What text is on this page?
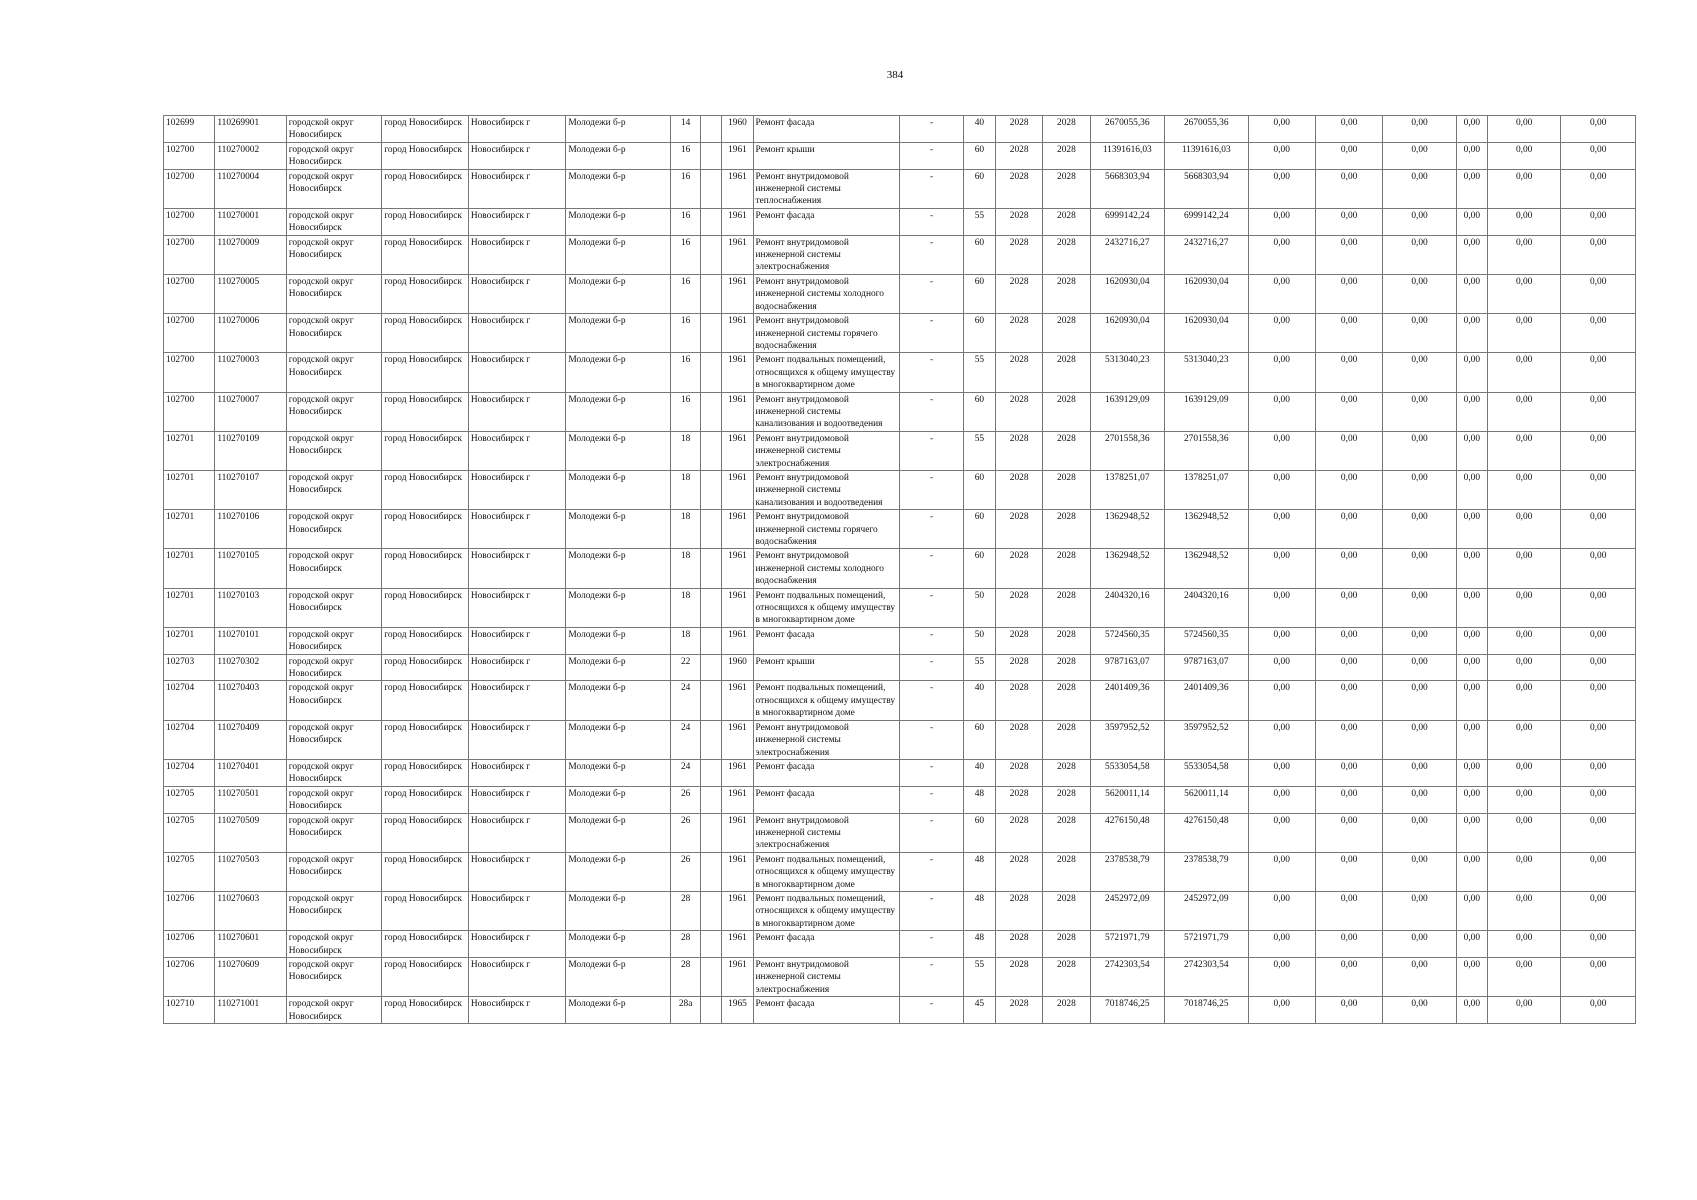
384
102699	110269901	городской округ Новосибирск	город Новосибирск	Новосибирск г	Молодежи б-р	14		1960	Ремонт фасада	-	40	2028	2028	2670055,36	2670055,36	0,00	0,00	0,00	0,00	0,00	0,00
102700	110270002	городской округ Новосибирск	город Новосибирск	Новосибирск г	Молодежи б-р	16		1961	Ремонт крыши	-	60	2028	2028	11391616,03	11391616,03	0,00	0,00	0,00	0,00	0,00	0,00
102700	110270004	городской округ Новосибирск	город Новосибирск	Новосибирск г	Молодежи б-р	16		1961	Ремонт внутридомовой инженерной системы теплоснабжения	-	60	2028	2028	5668303,94	5668303,94	0,00	0,00	0,00	0,00	0,00	0,00
102700	110270001	городской округ Новосибирск	город Новосибирск	Новосибирск г	Молодежи б-р	16		1961	Ремонт фасада	-	55	2028	2028	6999142,24	6999142,24	0,00	0,00	0,00	0,00	0,00	0,00
102700	110270009	городской округ Новосибирск	город Новосибирск	Новосибирск г	Молодежи б-р	16		1961	Ремонт внутридомовой инженерной системы электроснабжения	-	60	2028	2028	2432716,27	2432716,27	0,00	0,00	0,00	0,00	0,00	0,00
102700	110270005	городской округ Новосибирск	город Новосибирск	Новосибирск г	Молодежи б-р	16		1961	Ремонт внутридомовой инженерной системы холодного водоснабжения	-	60	2028	2028	1620930,04	1620930,04	0,00	0,00	0,00	0,00	0,00	0,00
102700	110270006	городской округ Новосибирск	город Новосибирск	Новосибирск г	Молодежи б-р	16		1961	Ремонт внутридомовой инженерной системы горячего водоснабжения	-	60	2028	2028	1620930,04	1620930,04	0,00	0,00	0,00	0,00	0,00	0,00
102700	110270003	городской округ Новосибирск	город Новосибирск	Новосибирск г	Молодежи б-р	16		1961	Ремонт подвальных помещений, относящихся к общему имуществу в многоквартирном доме	-	55	2028	2028	5313040,23	5313040,23	0,00	0,00	0,00	0,00	0,00	0,00
102700	110270007	городской округ Новосибирск	город Новосибирск	Новосибирск г	Молодежи б-р	16		1961	Ремонт внутридомовой инженерной системы канализования и водоотведения	-	60	2028	2028	1639129,09	1639129,09	0,00	0,00	0,00	0,00	0,00	0,00
102701	110270109	городской округ Новосибирск	город Новосибирск	Новосибирск г	Молодежи б-р	18		1961	Ремонт внутридомовой инженерной системы электроснабжения	-	55	2028	2028	2701558,36	2701558,36	0,00	0,00	0,00	0,00	0,00	0,00
102701	110270107	городской округ Новосибирск	город Новосибирск	Новосибирск г	Молодежи б-р	18		1961	Ремонт внутридомовой инженерной системы канализования и водоотведения	-	60	2028	2028	1378251,07	1378251,07	0,00	0,00	0,00	0,00	0,00	0,00
102701	110270106	городской округ Новосибирск	город Новосибирск	Новосибирск г	Молодежи б-р	18		1961	Ремонт внутридомовой инженерной системы горячего водоснабжения	-	60	2028	2028	1362948,52	1362948,52	0,00	0,00	0,00	0,00	0,00	0,00
102701	110270105	городской округ Новосибирск	город Новосибирск	Новосибирск г	Молодежи б-р	18		1961	Ремонт внутридомовой инженерной системы холодного водоснабжения	-	60	2028	2028	1362948,52	1362948,52	0,00	0,00	0,00	0,00	0,00	0,00
102701	110270103	городской округ Новосибирск	город Новосибирск	Новосибирск г	Молодежи б-р	18		1961	Ремонт подвальных помещений, относящихся к общему имуществу в многоквартирном доме	-	50	2028	2028	2404320,16	2404320,16	0,00	0,00	0,00	0,00	0,00	0,00
102701	110270101	городской округ Новосибирск	город Новосибирск	Новосибирск г	Молодежи б-р	18		1961	Ремонт фасада	-	50	2028	2028	5724560,35	5724560,35	0,00	0,00	0,00	0,00	0,00	0,00
102703	110270302	городской округ Новосибирск	город Новосибирск	Новосибирск г	Молодежи б-р	22		1960	Ремонт крыши	-	55	2028	2028	9787163,07	9787163,07	0,00	0,00	0,00	0,00	0,00	0,00
102704	110270403	городской округ Новосибирск	город Новосибирск	Новосибирск г	Молодежи б-р	24		1961	Ремонт подвальных помещений, относящихся к общему имуществу в многоквартирном доме	-	40	2028	2028	2401409,36	2401409,36	0,00	0,00	0,00	0,00	0,00	0,00
102704	110270409	городской округ Новосибирск	город Новосибирск	Новосибирск г	Молодежи б-р	24		1961	Ремонт внутридомовой инженерной системы электроснабжения	-	60	2028	2028	3597952,52	3597952,52	0,00	0,00	0,00	0,00	0,00	0,00
102704	110270401	городской округ Новосибирск	город Новосибирск	Новосибирск г	Молодежи б-р	24		1961	Ремонт фасада	-	40	2028	2028	5533054,58	5533054,58	0,00	0,00	0,00	0,00	0,00	0,00
102705	110270501	городской округ Новосибирск	город Новосибирск	Новосибирск г	Молодежи б-р	26		1961	Ремонт фасада	-	48	2028	2028	5620011,14	5620011,14	0,00	0,00	0,00	0,00	0,00	0,00
102705	110270509	городской округ Новосибирск	город Новосибирск	Новосибирск г	Молодежи б-р	26		1961	Ремонт внутридомовой инженерной системы электроснабжения	-	60	2028	2028	4276150,48	4276150,48	0,00	0,00	0,00	0,00	0,00	0,00
102705	110270503	городской округ Новосибирск	город Новосибирск	Новосибирск г	Молодежи б-р	26		1961	Ремонт подвальных помещений, относящихся к общему имуществу в многоквартирном доме	-	48	2028	2028	2378538,79	2378538,79	0,00	0,00	0,00	0,00	0,00	0,00
102706	110270603	городской округ Новосибирск	город Новосибирск	Новосибирск г	Молодежи б-р	28		1961	Ремонт подвальных помещений, относящихся к общему имуществу в многоквартирном доме	-	48	2028	2028	2452972,09	2452972,09	0,00	0,00	0,00	0,00	0,00	0,00
102706	110270601	городской округ Новосибирск	город Новосибирск	Новосибирск г	Молодежи б-р	28		1961	Ремонт фасада	-	48	2028	2028	5721971,79	5721971,79	0,00	0,00	0,00	0,00	0,00	0,00
102706	110270609	городской округ Новосибирск	город Новосибирск	Новосибирск г	Молодежи б-р	28		1961	Ремонт внутридомовой инженерной системы электроснабжения	-	55	2028	2028	2742303,54	2742303,54	0,00	0,00	0,00	0,00	0,00	0,00
102710	110271001	городской округ Новосибирск	город Новосибирск	Новосибирск г	Молодежи б-р	28а		1965	Ремонт фасада	-	45	2028	2028	7018746,25	7018746,25	0,00	0,00	0,00	0,00	0,00	0,00
